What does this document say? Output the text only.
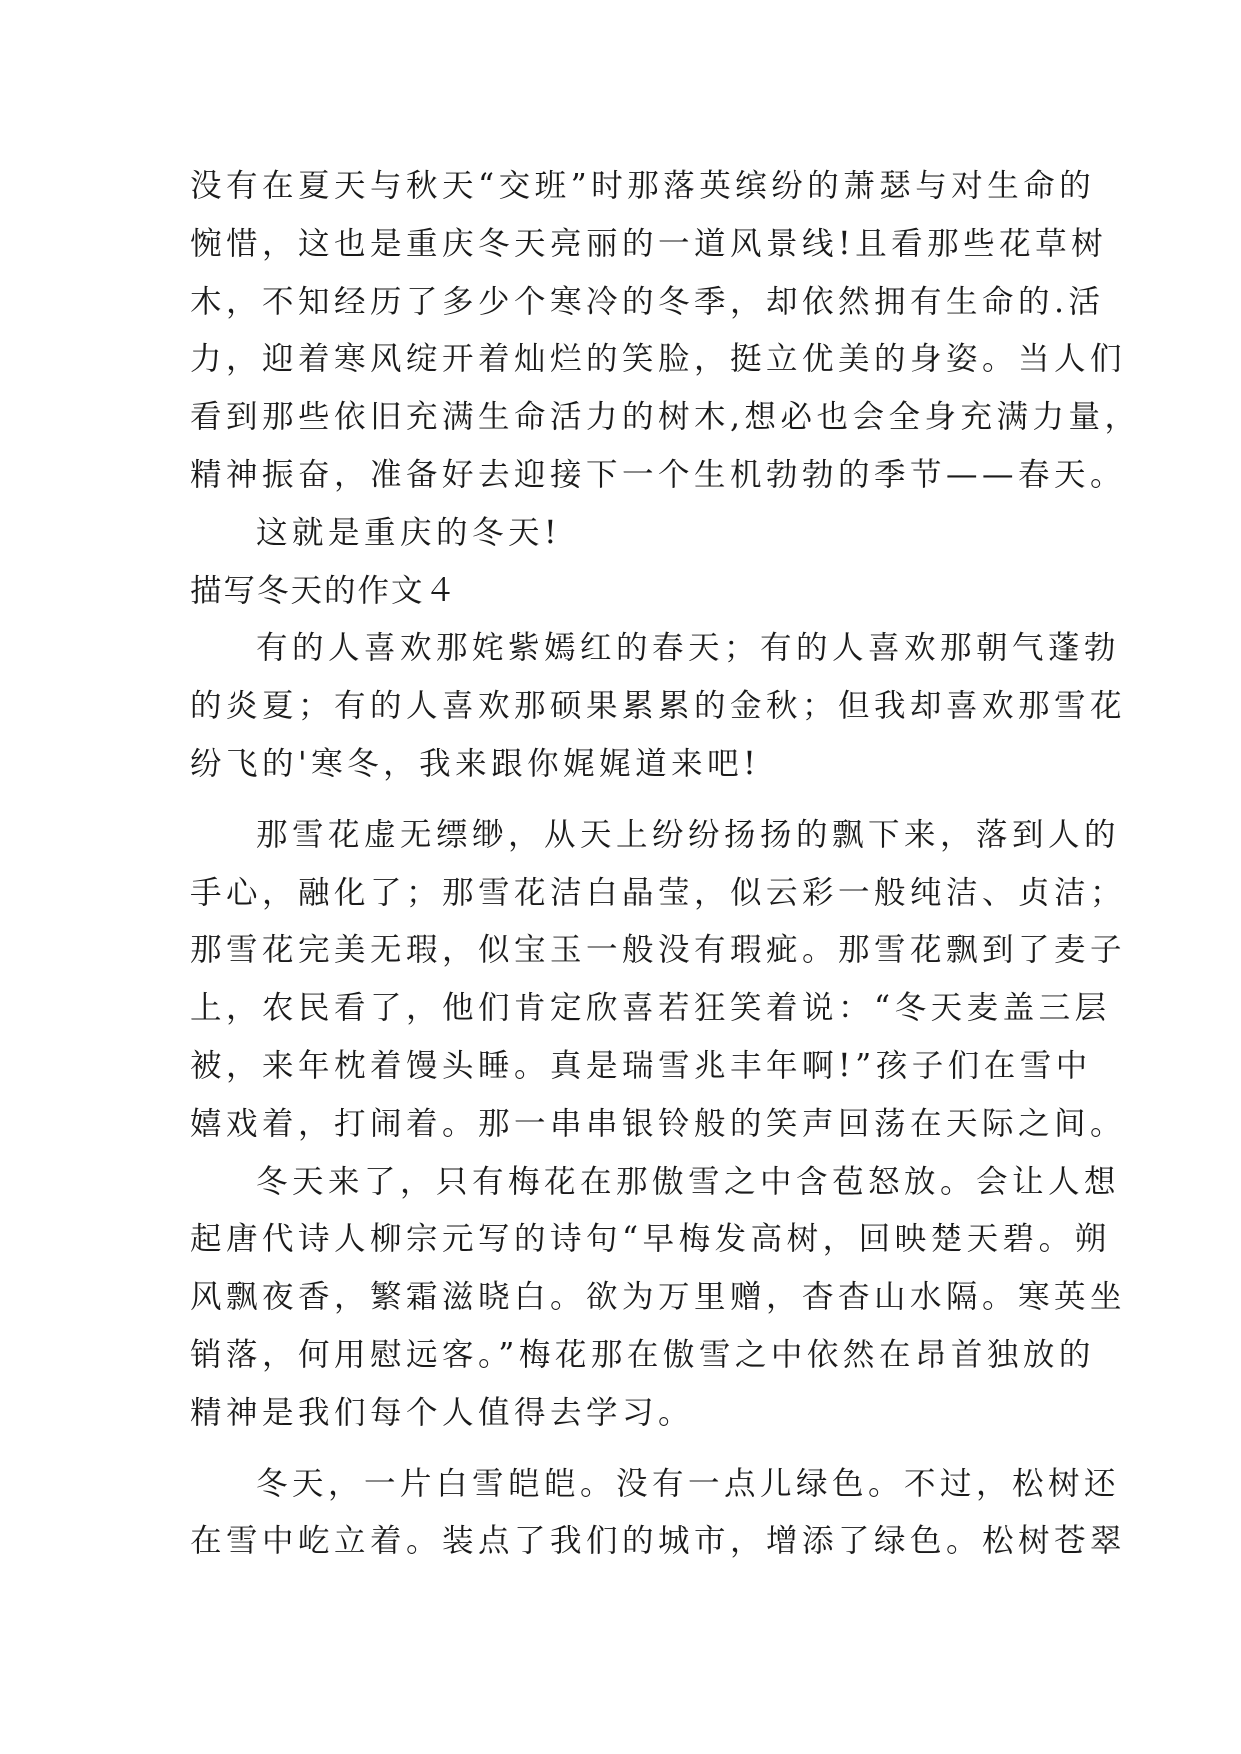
没有在夏天与秋天“交班”时那落英缤纷的萧瑟与对生命的
惋惜，这也是重庆冬天亮丽的一道风景线!且看那些花草树
木，不知经历了多少个寒冷的冬季，却依然拥有生命的.活
力，迎着寒风绽开着灿烂的笑脸，挺立优美的身姿。当人们
看到那些依旧充满生命活力的树木,想必也会全身充满力量，
精神振奋，准备好去迎接下一个生机勃勃的季节——春天。
这就是重庆的冬天!
描写冬天的作文４
有的人喜欢那姹紫嫣红的春天；有的人喜欢那朝气蓬勃
的炎夏；有的人喜欢那硕果累累的金秋；但我却喜欢那雪花
纷飞的'寒冬，我来跟你娓娓道来吧!
那雪花虚无缥缈，从天上纷纷扬扬的飘下来，落到人的
手心，融化了；那雪花洁白晶莹，似云彩一般纯洁、贞洁；
那雪花完美无瑕，似宝玉一般没有瑕疵。那雪花飘到了麦子
上，农民看了，他们肯定欣喜若狂笑着说：“冬天麦盖三层
被，来年枕着馒头睡。真是瑞雪兆丰年啊!”孩子们在雪中
嬉戏着，打闹着。那一串串银铃般的笑声回荡在天际之间。
冬天来了，只有梅花在那傲雪之中含苞怒放。会让人想
起唐代诗人柳宗元写的诗句“早梅发高树，回映楚天碧。朔
风飘夜香，繁霜滋晓白。欲为万里赠，杳杳山水隔。寒英坐
销落，何用慰远客。”梅花那在傲雪之中依然在昂首独放的
精神是我们每个人值得去学习。
冬天，一片白雪皑皑。没有一点儿绿色。不过，松树还
在雪中屹立着。装点了我们的城市，增添了绿色。松树苍翠
